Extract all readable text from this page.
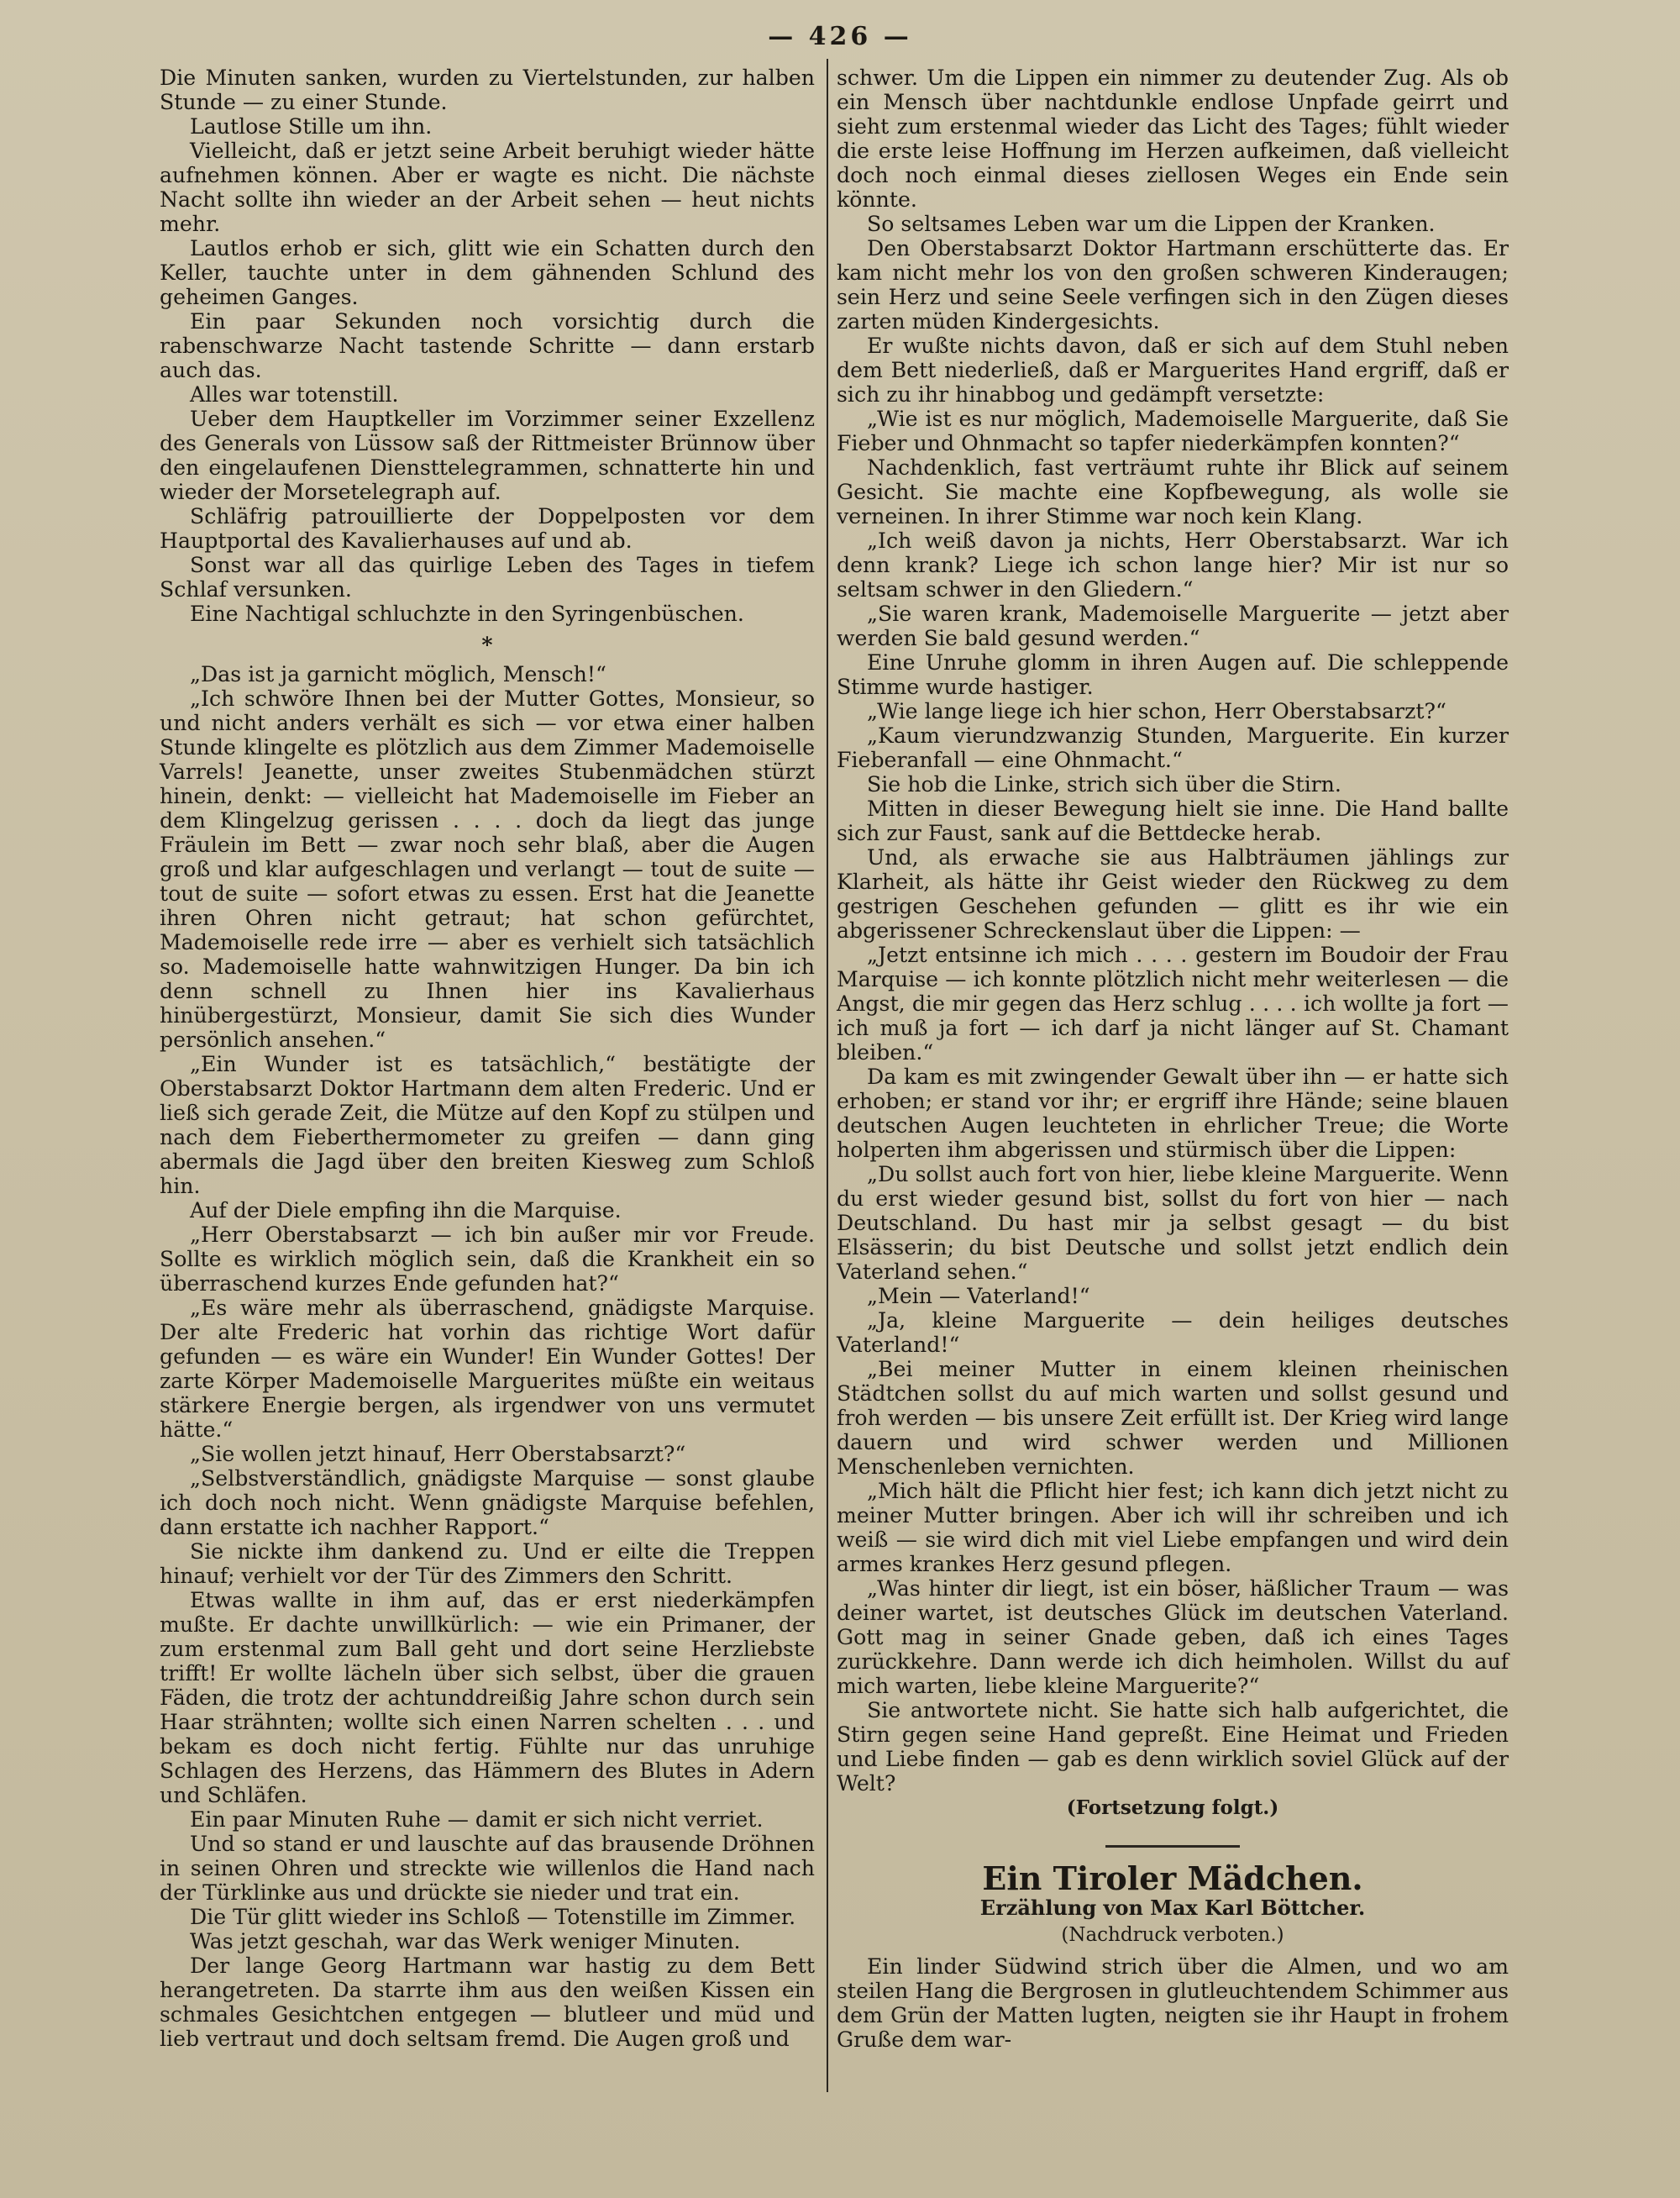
— 426 —

Die Minuten sanken, wurden zu Viertelstunden, zur halben Stunde — zu einer Stunde.

Lautlose Stille um ihn.

Vielleicht, daß er jetzt seine Arbeit beruhigt wieder hätte aufnehmen können. Aber er wagte es nicht. Die nächste Nacht sollte ihn wieder an der Arbeit sehen — heut nichts mehr.

Lautlos erhob er sich, glitt wie ein Schatten durch den Keller, tauchte unter in dem gähnenden Schlund des geheimen Ganges.

Ein paar Sekunden noch vorsichtig durch die rabenschwarze Nacht tastende Schritte — dann erstarb auch das.

Alles war totenstill.

Ueber dem Hauptkeller im Vorzimmer seiner Exzellenz des Generals von Lüssow saß der Rittmeister Brünnow über den eingelaufenen Diensttelegrammen, schnatterte hin und wieder der Morsetelegraph auf.

Schläfrig patrouillierte der Doppelposten vor dem Hauptportal des Kavalierhauses auf und ab.

Sonst war all das quirlige Leben des Tages in tiefem Schlaf versunken.

Eine Nachtigal schluchzte in den Syringenbüschen.

*

„Das ist ja garnicht möglich, Mensch!“

„Ich schwöre Ihnen bei der Mutter Gottes, Monsieur, so und nicht anders verhält es sich — vor etwa einer halben Stunde klingelte es plötzlich aus dem Zimmer Mademoiselle Varrels! Jeanette, unser zweites Stubenmädchen stürzt hinein, denkt: — vielleicht hat Mademoiselle im Fieber an dem Klingelzug gerissen . . . . doch da liegt das junge Fräulein im Bett — zwar noch sehr blaß, aber die Augen groß und klar aufgeschlagen und verlangt — tout de suite — tout de suite — sofort etwas zu essen. Erst hat die Jeanette ihren Ohren nicht getraut; hat schon gefürchtet, Mademoiselle rede irre — aber es verhielt sich tatsächlich so. Mademoiselle hatte wahnwitzigen Hunger. Da bin ich denn schnell zu Ihnen hier ins Kavalierhaus hinübergestürzt, Monsieur, damit Sie sich dies Wunder persönlich ansehen.“

„Ein Wunder ist es tatsächlich,“ bestätigte der Oberstabsarzt Doktor Hartmann dem alten Frederic. Und er ließ sich gerade Zeit, die Mütze auf den Kopf zu stülpen und nach dem Fieberthermometer zu greifen — dann ging abermals die Jagd über den breiten Kiesweg zum Schloß hin.

Auf der Diele empfing ihn die Marquise.

„Herr Oberstabsarzt — ich bin außer mir vor Freude. Sollte es wirklich möglich sein, daß die Krankheit ein so überraschend kurzes Ende gefunden hat?“

„Es wäre mehr als überraschend, gnädigste Marquise. Der alte Frederic hat vorhin das richtige Wort dafür gefunden — es wäre ein Wunder! Ein Wunder Gottes! Der zarte Körper Mademoiselle Marguerites müßte ein weitaus stärkere Energie bergen, als irgendwer von uns vermutet hätte.“

„Sie wollen jetzt hinauf, Herr Oberstabsarzt?“

„Selbstverständlich, gnädigste Marquise — sonst glaube ich doch noch nicht. Wenn gnädigste Marquise befehlen, dann erstatte ich nachher Rapport.“

Sie nickte ihm dankend zu. Und er eilte die Treppen hinauf; verhielt vor der Tür des Zimmers den Schritt.

Etwas wallte in ihm auf, das er erst niederkämpfen mußte. Er dachte unwillkürlich: — wie ein Primaner, der zum erstenmal zum Ball geht und dort seine Herzliebste trifft! Er wollte lächeln über sich selbst, über die grauen Fäden, die trotz der achtunddreißig Jahre schon durch sein Haar strähnten; wollte sich einen Narren schelten . . . und bekam es doch nicht fertig. Fühlte nur das unruhige Schlagen des Herzens, das Hämmern des Blutes in Adern und Schläfen.

Ein paar Minuten Ruhe — damit er sich nicht verriet.

Und so stand er und lauschte auf das brausende Dröhnen in seinen Ohren und streckte wie willenlos die Hand nach der Türklinke aus und drückte sie nieder und trat ein.

Die Tür glitt wieder ins Schloß — Totenstille im Zimmer.

Was jetzt geschah, war das Werk weniger Minuten.

Der lange Georg Hartmann war hastig zu dem Bett herangetreten. Da starrte ihm aus den weißen Kissen ein schmales Gesichtchen entgegen — blutleer und müd und lieb vertraut und doch seltsam fremd. Die Augen groß und

schwer. Um die Lippen ein nimmer zu deutender Zug. Als ob ein Mensch über nachtdunkle endlose Unpfade geirrt und sieht zum erstenmal wieder das Licht des Tages; fühlt wieder die erste leise Hoffnung im Herzen aufkeimen, daß vielleicht doch noch einmal dieses ziellosen Weges ein Ende sein könnte.

So seltsames Leben war um die Lippen der Kranken.

Den Oberstabsarzt Doktor Hartmann erschütterte das. Er kam nicht mehr los von den großen schweren Kinderaugen; sein Herz und seine Seele verfingen sich in den Zügen dieses zarten müden Kindergesichts.

Er wußte nichts davon, daß er sich auf dem Stuhl neben dem Bett niederließ, daß er Marguerites Hand ergriff, daß er sich zu ihr hinabbog und gedämpft versetzte:

„Wie ist es nur möglich, Mademoiselle Marguerite, daß Sie Fieber und Ohnmacht so tapfer niederkämpfen konnten?“

Nachdenklich, fast verträumt ruhte ihr Blick auf seinem Gesicht. Sie machte eine Kopfbewegung, als wolle sie verneinen. In ihrer Stimme war noch kein Klang.

„Ich weiß davon ja nichts, Herr Oberstabsarzt. War ich denn krank? Liege ich schon lange hier? Mir ist nur so seltsam schwer in den Gliedern.“

„Sie waren krank, Mademoiselle Marguerite — jetzt aber werden Sie bald gesund werden.“

Eine Unruhe glomm in ihren Augen auf. Die schleppende Stimme wurde hastiger.

„Wie lange liege ich hier schon, Herr Oberstabsarzt?“

„Kaum vierundzwanzig Stunden, Marguerite. Ein kurzer Fieberanfall — eine Ohnmacht.“

Sie hob die Linke, strich sich über die Stirn.

Mitten in dieser Bewegung hielt sie inne. Die Hand ballte sich zur Faust, sank auf die Bettdecke herab.

Und, als erwache sie aus Halbträumen jählings zur Klarheit, als hätte ihr Geist wieder den Rückweg zu dem gestrigen Geschehen gefunden — glitt es ihr wie ein abgerissener Schreckenslaut über die Lippen: —

„Jetzt entsinne ich mich . . . . gestern im Boudoir der Frau Marquise — ich konnte plötzlich nicht mehr weiterlesen — die Angst, die mir gegen das Herz schlug . . . . ich wollte ja fort — ich muß ja fort — ich darf ja nicht länger auf St. Chamant bleiben.“

Da kam es mit zwingender Gewalt über ihn — er hatte sich erhoben; er stand vor ihr; er ergriff ihre Hände; seine blauen deutschen Augen leuchteten in ehrlicher Treue; die Worte holperten ihm abgerissen und stürmisch über die Lippen:

„Du sollst auch fort von hier, liebe kleine Marguerite. Wenn du erst wieder gesund bist, sollst du fort von hier — nach Deutschland. Du hast mir ja selbst gesagt — du bist Elsässerin; du bist Deutsche und sollst jetzt endlich dein Vaterland sehen.“

„Mein — Vaterland!“

„Ja, kleine Marguerite — dein heiliges deutsches Vaterland!“

„Bei meiner Mutter in einem kleinen rheinischen Städtchen sollst du auf mich warten und sollst gesund und froh werden — bis unsere Zeit erfüllt ist. Der Krieg wird lange dauern und wird schwer werden und Millionen Menschenleben vernichten.

„Mich hält die Pflicht hier fest; ich kann dich jetzt nicht zu meiner Mutter bringen. Aber ich will ihr schreiben und ich weiß — sie wird dich mit viel Liebe empfangen und wird dein armes krankes Herz gesund pflegen.

„Was hinter dir liegt, ist ein böser, häßlicher Traum — was deiner wartet, ist deutsches Glück im deutschen Vaterland. Gott mag in seiner Gnade geben, daß ich eines Tages zurückkehre. Dann werde ich dich heimholen. Willst du auf mich warten, liebe kleine Marguerite?“

Sie antwortete nicht. Sie hatte sich halb aufgerichtet, die Stirn gegen seine Hand gepreßt. Eine Heimat und Frieden und Liebe finden — gab es denn wirklich soviel Glück auf der Welt?

(Fortsetzung folgt.)

Ein Tiroler Mädchen.
Erzählung von Max Karl Böttcher.
(Nachdruck verboten.)

Ein linder Südwind strich über die Almen, und wo am steilen Hang die Bergrosen in glutleuchtendem Schimmer aus dem Grün der Matten lugten, neigten sie ihr Haupt in frohem Gruße dem war-
